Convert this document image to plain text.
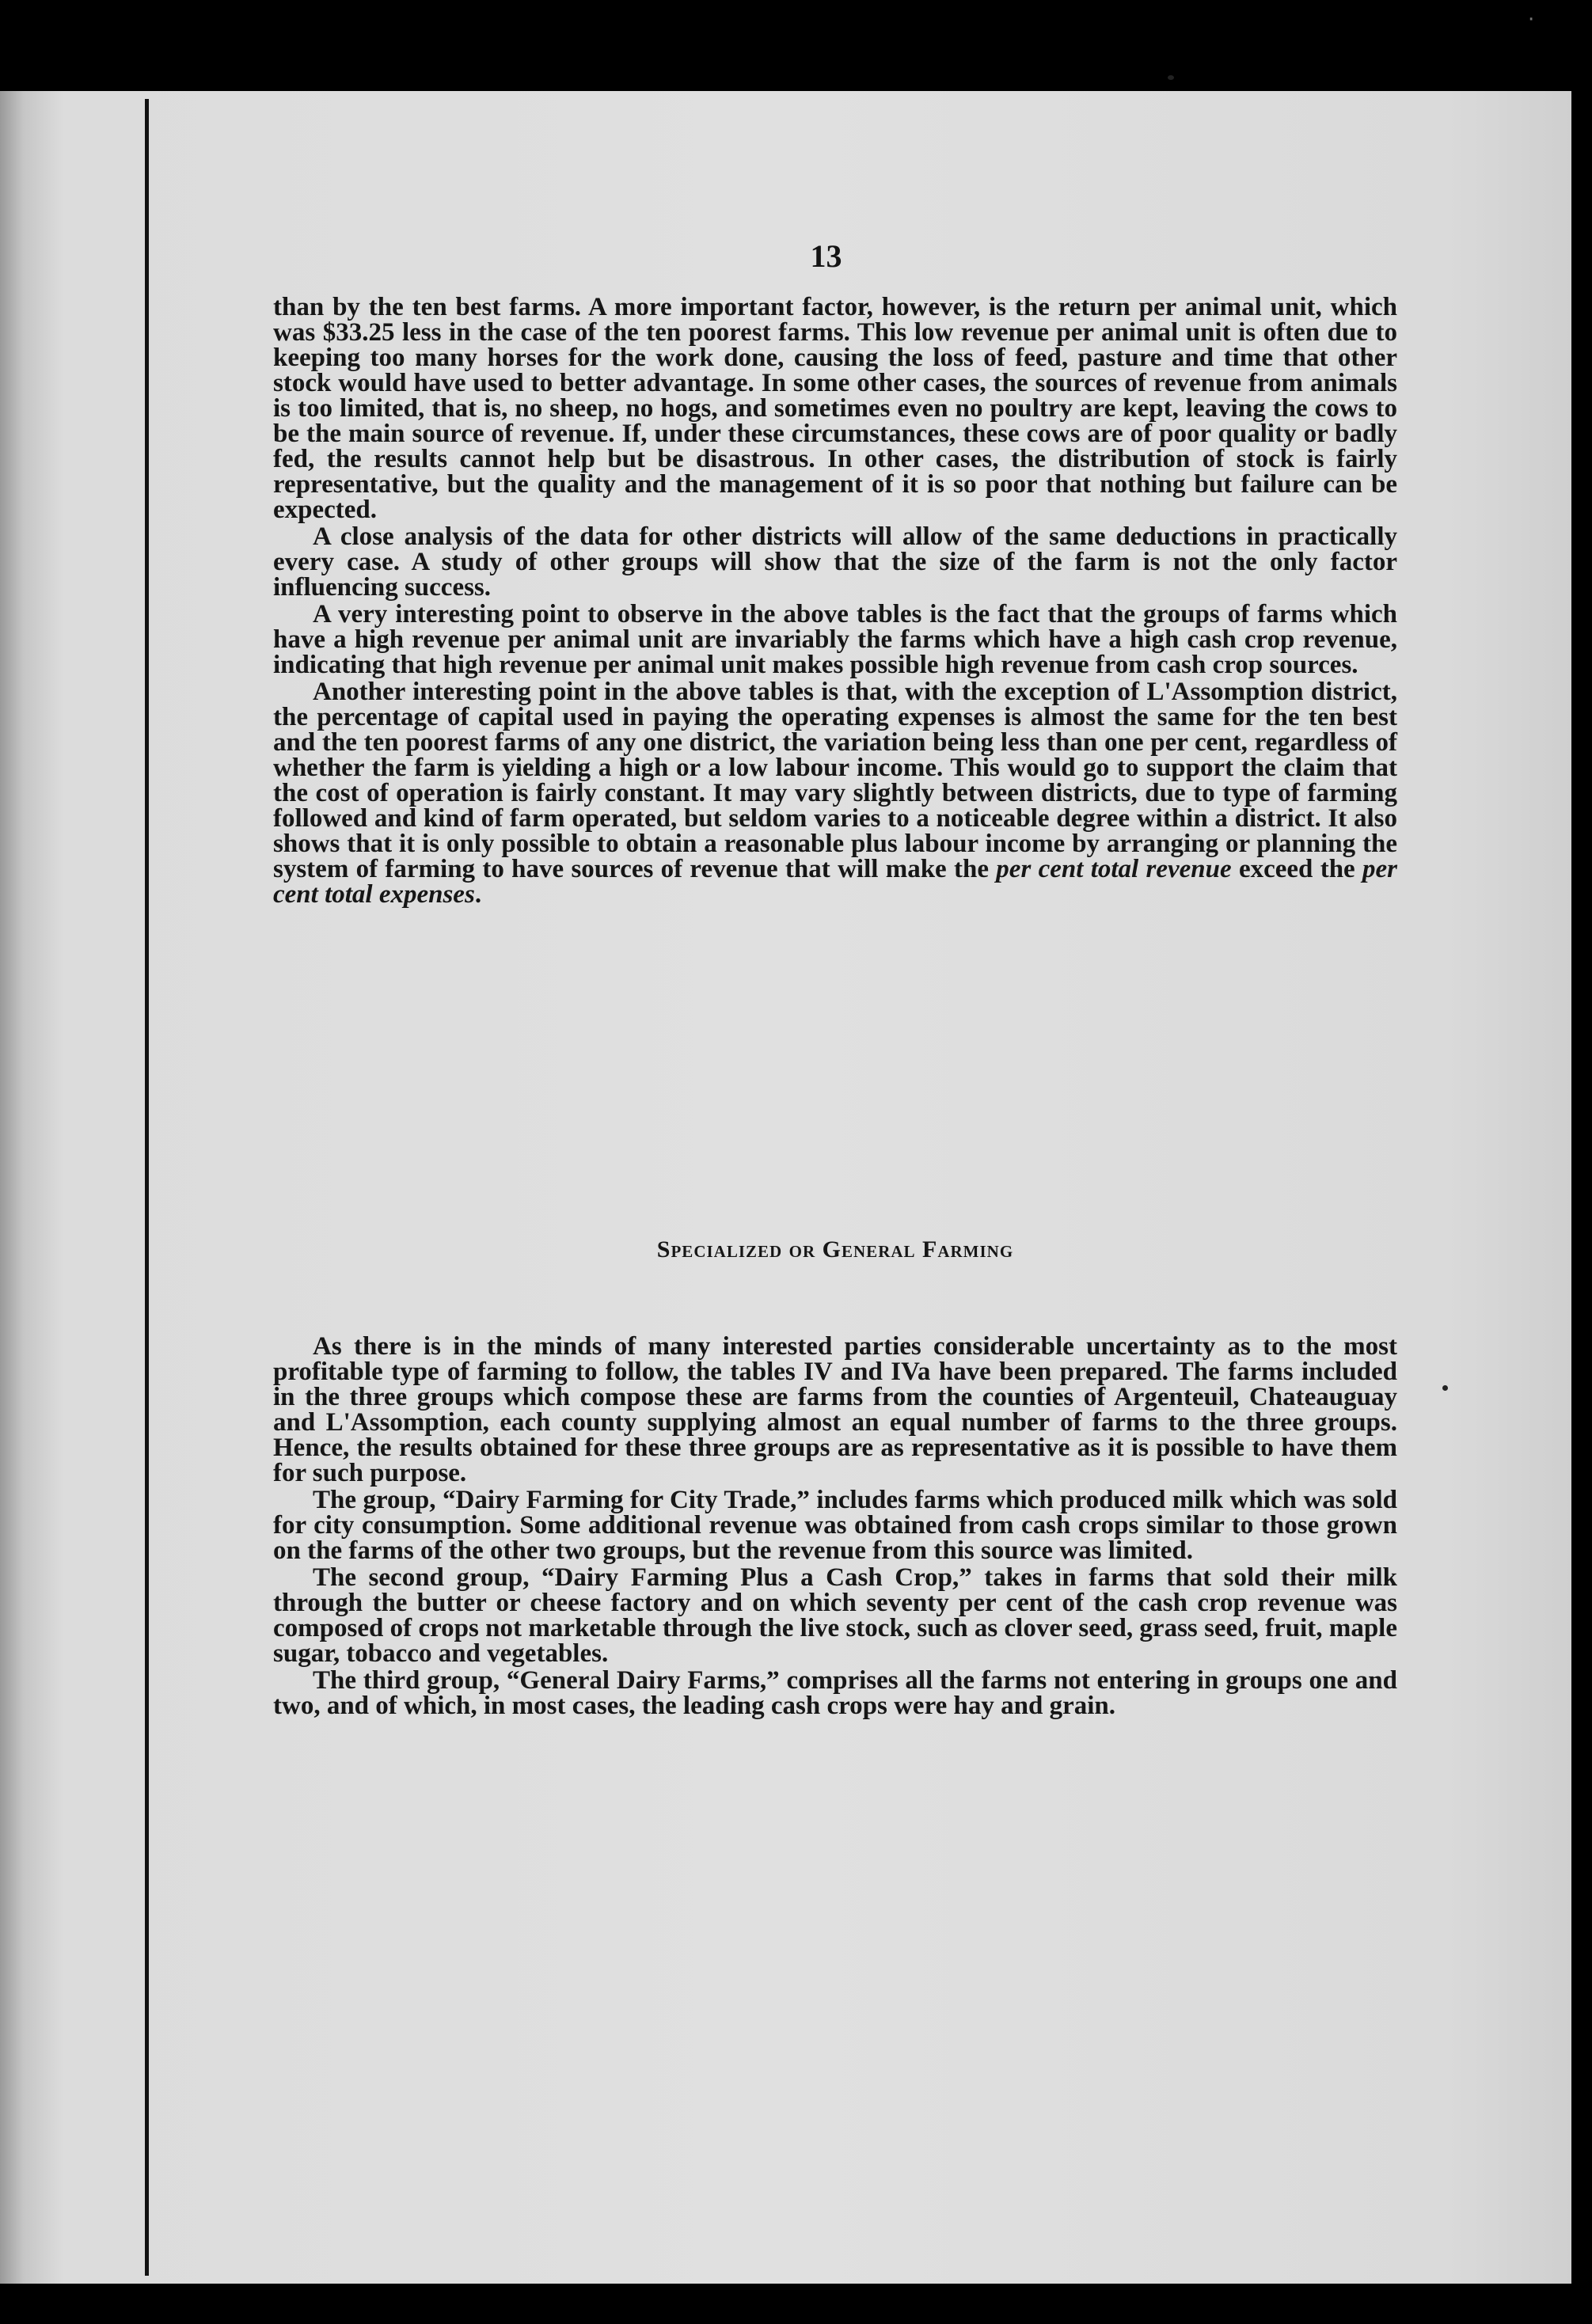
·
13

than by the ten best farms. A more important factor, however, is the return per animal unit, which was $33.25 less in the case of the ten poorest farms. This low revenue per animal unit is often due to keeping too many horses for the work done, causing the loss of feed, pasture and time that other stock would have used to better advantage. In some other cases, the sources of revenue from animals is too limited, that is, no sheep, no hogs, and sometimes even no poultry are kept, leaving the cows to be the main source of revenue. If, under these circumstances, these cows are of poor quality or badly fed, the results cannot help but be disastrous. In other cases, the distribution of stock is fairly representative, but the quality and the management of it is so poor that nothing but failure can be expected.

A close analysis of the data for other districts will allow of the same deductions in practically every case. A study of other groups will show that the size of the farm is not the only factor influencing success.

A very interesting point to observe in the above tables is the fact that the groups of farms which have a high revenue per animal unit are invariably the farms which have a high cash crop revenue, indicating that high revenue per animal unit makes possible high revenue from cash crop sources.

Another interesting point in the above tables is that, with the exception of L'Assomption district, the percentage of capital used in paying the operating expenses is almost the same for the ten best and the ten poorest farms of any one district, the variation being less than one per cent, regardless of whether the farm is yielding a high or a low labour income. This would go to support the claim that the cost of operation is fairly constant. It may vary slightly between districts, due to type of farming followed and kind of farm operated, but seldom varies to a noticeable degree within a district. It also shows that it is only possible to obtain a reasonable plus labour income by arranging or planning the system of farming to have sources of revenue that will make the per cent total revenue exceed the per cent total expenses.

Specialized or General Farming

As there is in the minds of many interested parties considerable uncertainty as to the most profitable type of farming to follow, the tables IV and IVa have been prepared. The farms included in the three groups which compose these are farms from the counties of Argenteuil, Chateauguay and L'Assomption, each county supplying almost an equal number of farms to the three groups. Hence, the results obtained for these three groups are as representative as it is possible to have them for such purpose.

The group, “Dairy Farming for City Trade,” includes farms which produced milk which was sold for city consumption. Some additional revenue was obtained from cash crops similar to those grown on the farms of the other two groups, but the revenue from this source was limited.

The second group, “Dairy Farming Plus a Cash Crop,” takes in farms that sold their milk through the butter or cheese factory and on which seventy per cent of the cash crop revenue was composed of crops not marketable through the live stock, such as clover seed, grass seed, fruit, maple sugar, tobacco and vegetables.

The third group, “General Dairy Farms,” comprises all the farms not entering in groups one and two, and of which, in most cases, the leading cash crops were hay and grain.
